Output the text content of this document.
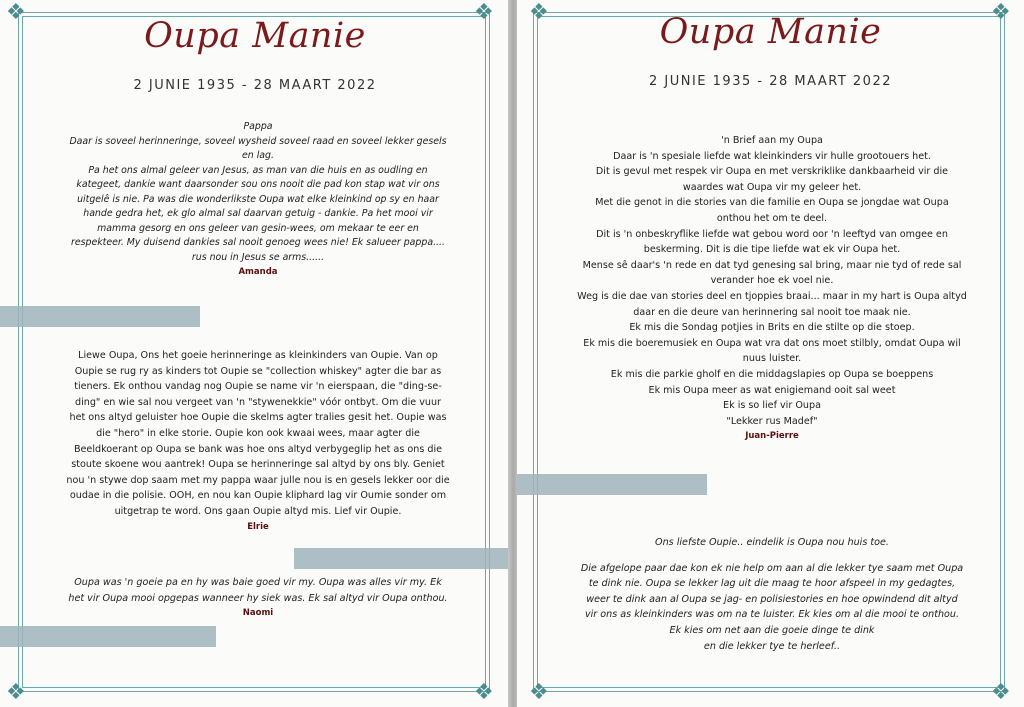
❖	❖
❖	❖
Oupa Manie
2 JUNIE 1935 - 28 MAART 2022

Pappa

Daar is soveel herinneringe, soveel wysheid soveel raad en soveel lekker gesels

en lag.

Pa het ons almal geleer van Jesus, as man van die huis en as oudling en

kategeet, dankie want daarsonder sou ons nooit die pad kon stap wat vir ons

uitgelê is nie. Pa was die wonderlikste Oupa wat elke kleinkind op sy en haar

hande gedra het, ek glo almal sal daarvan getuig - dankie. Pa het mooi vir

mamma gesorg en ons geleer van gesin-wees, om mekaar te eer en

respekteer. My duisend dankies sal nooit genoeg wees nie! Ek salueer pappa....

rus nou in Jesus se arms......

Amanda

Liewe Oupa, Ons het goeie herinneringe as kleinkinders van Oupie. Van op

Oupie se rug ry as kinders tot Oupie se "collection whiskey" agter die bar as

tieners. Ek onthou vandag nog Oupie se name vir 'n eierspaan, die "ding-se-

ding" en wie sal nou vergeet van 'n "stywenekkie" vóór ontbyt. Om die vuur

het ons altyd geluister hoe Oupie die skelms agter tralies gesit het. Oupie was

die "hero" in elke storie. Oupie kon ook kwaai wees, maar agter die

Beeldkoerant op Oupa se bank was hoe ons altyd verbygeglip het as ons die

stoute skoene wou aantrek! Oupa se herinneringe sal altyd by ons bly. Geniet

nou 'n stywe dop saam met my pappa waar julle nou is en gesels lekker oor die

oudae in die polisie. OOH, en nou kan Oupie kliphard lag vir Oumie sonder om

uitgetrap te word. Ons gaan Oupie altyd mis. Lief vir Oupie.

Elrie

Oupa was 'n goeie pa en hy was baie goed vir my. Oupa was alles vir my. Ek

het vir Oupa mooi opgepas wanneer hy siek was. Ek sal altyd vir Oupa onthou.

Naomi

❖	❖
❖	❖
Oupa Manie
2 JUNIE 1935 - 28 MAART 2022

'n Brief aan my Oupa

Daar is 'n spesiale liefde wat kleinkinders vir hulle grootouers het.

Dit is gevul met respek vir Oupa en met verskriklike dankbaarheid vir die

waardes wat Oupa vir my geleer het.

Met die genot in die stories van die familie en Oupa se jongdae wat Oupa

onthou het om te deel.

Dit is 'n onbeskryflike liefde wat gebou word oor 'n leeftyd van omgee en

beskerming. Dit is die tipe liefde wat ek vir Oupa het.

Mense sê daar's 'n rede en dat tyd genesing sal bring, maar nie tyd of rede sal

verander hoe ek voel nie.

Weg is die dae van stories deel en tjoppies braai... maar in my hart is Oupa altyd

daar en die deure van herinnering sal nooit toe maak nie.

Ek mis die Sondag potjies in Brits en die stilte op die stoep.

Ek mis die boeremusiek en Oupa wat vra dat ons moet stilbly, omdat Oupa wil

nuus luister.

Ek mis die parkie gholf en die middagslapies op Oupa se boeppens

Ek mis Oupa meer as wat enigiemand ooit sal weet

Ek is so lief vir Oupa

"Lekker rus Madef"

Juan-Pierre

Ons liefste Oupie.. eindelik is Oupa nou huis toe.

Die afgelope paar dae kon ek nie help om aan al die lekker tye saam met Oupa

te dink nie. Oupa se lekker lag uit die maag te hoor afspeel in my gedagtes,

weer te dink aan al Oupa se jag- en polisiestories en hoe opwindend dit altyd

vir ons as kleinkinders was om na te luister. Ek kies om al die mooi te onthou.

Ek kies om net aan die goeie dinge te dink

en die lekker tye te herleef..
